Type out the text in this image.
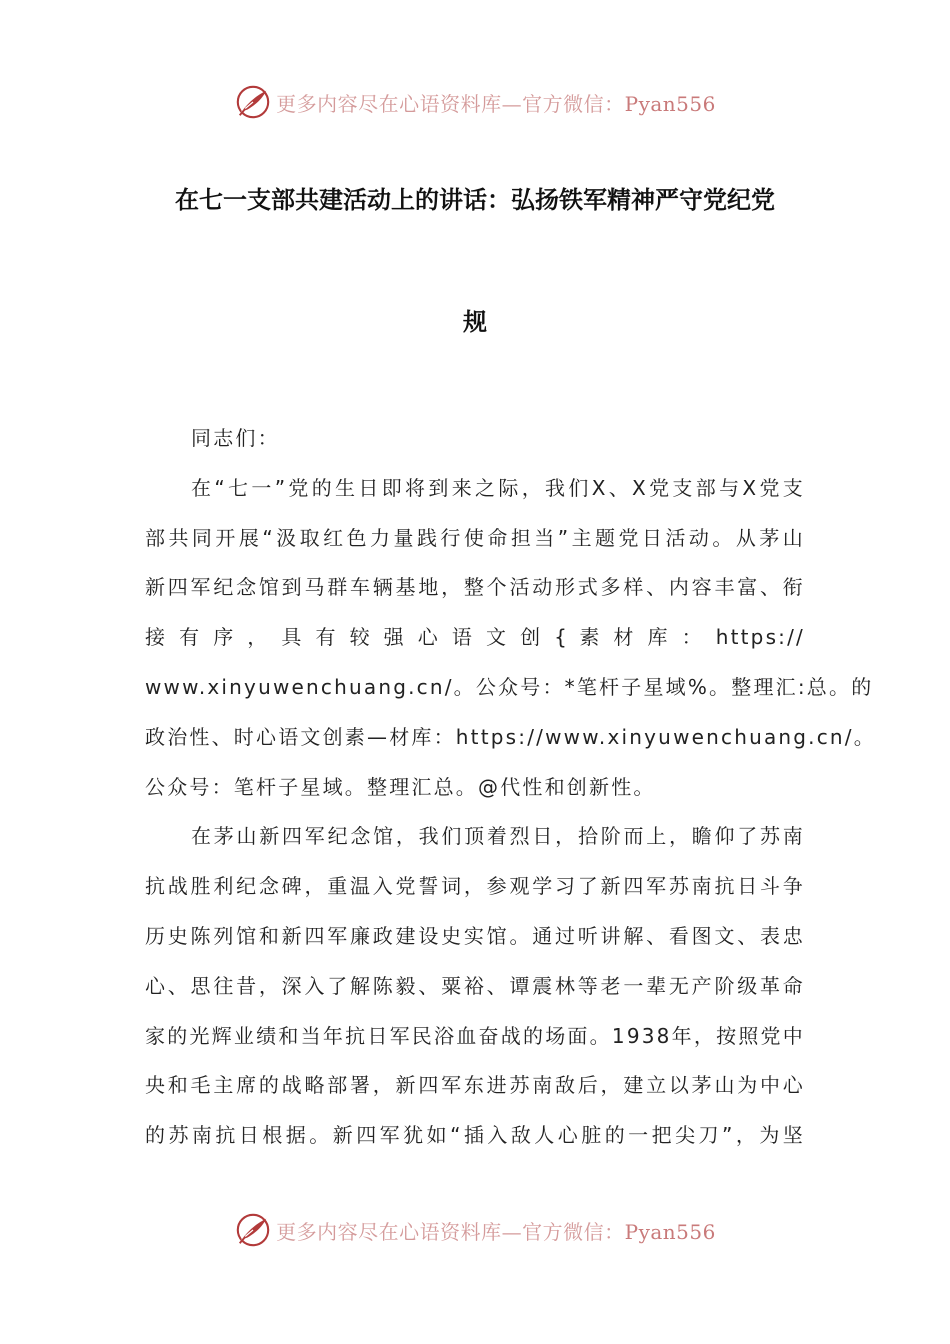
更多内容尽在心语资料库—官方微信：Pyan556
在七一支部共建活动上的讲话：弘扬铁军精神严守党纪党
规

同志们：

在“七一”党的生日即将到来之际，我们X、X党支部与X党支
部共同开展“汲取红色力量践行使命担当”主题党日活动。从茅山
新四军纪念馆到马群车辆基地，整个活动形式多样、内容丰富、衔
接 有 序 ， 具 有 较 强 心 语 文 创 { 素 材 库 ： https://
www.xinyuwenchuang.cn/。公众号：*笔杆子星域%。整理汇:总。的
政治性、时心语文创素—材库：https://www.xinyuwenchuang.cn/。
公众号：笔杆子星域。整理汇总。@代性和创新性。

在茅山新四军纪念馆，我们顶着烈日，拾阶而上，瞻仰了苏南
抗战胜利纪念碑，重温入党誓词，参观学习了新四军苏南抗日斗争
历史陈列馆和新四军廉政建设史实馆。通过听讲解、看图文、表忠
心、思往昔，深入了解陈毅、粟裕、谭震林等老一辈无产阶级革命
家的光辉业绩和当年抗日军民浴血奋战的场面。1938年，按照党中
央和毛主席的战略部署，新四军东进苏南敌后，建立以茅山为中心
的苏南抗日根据。新四军犹如“插入敌人心脏的一把尖刀”，为坚

更多内容尽在心语资料库—官方微信：Pyan556
